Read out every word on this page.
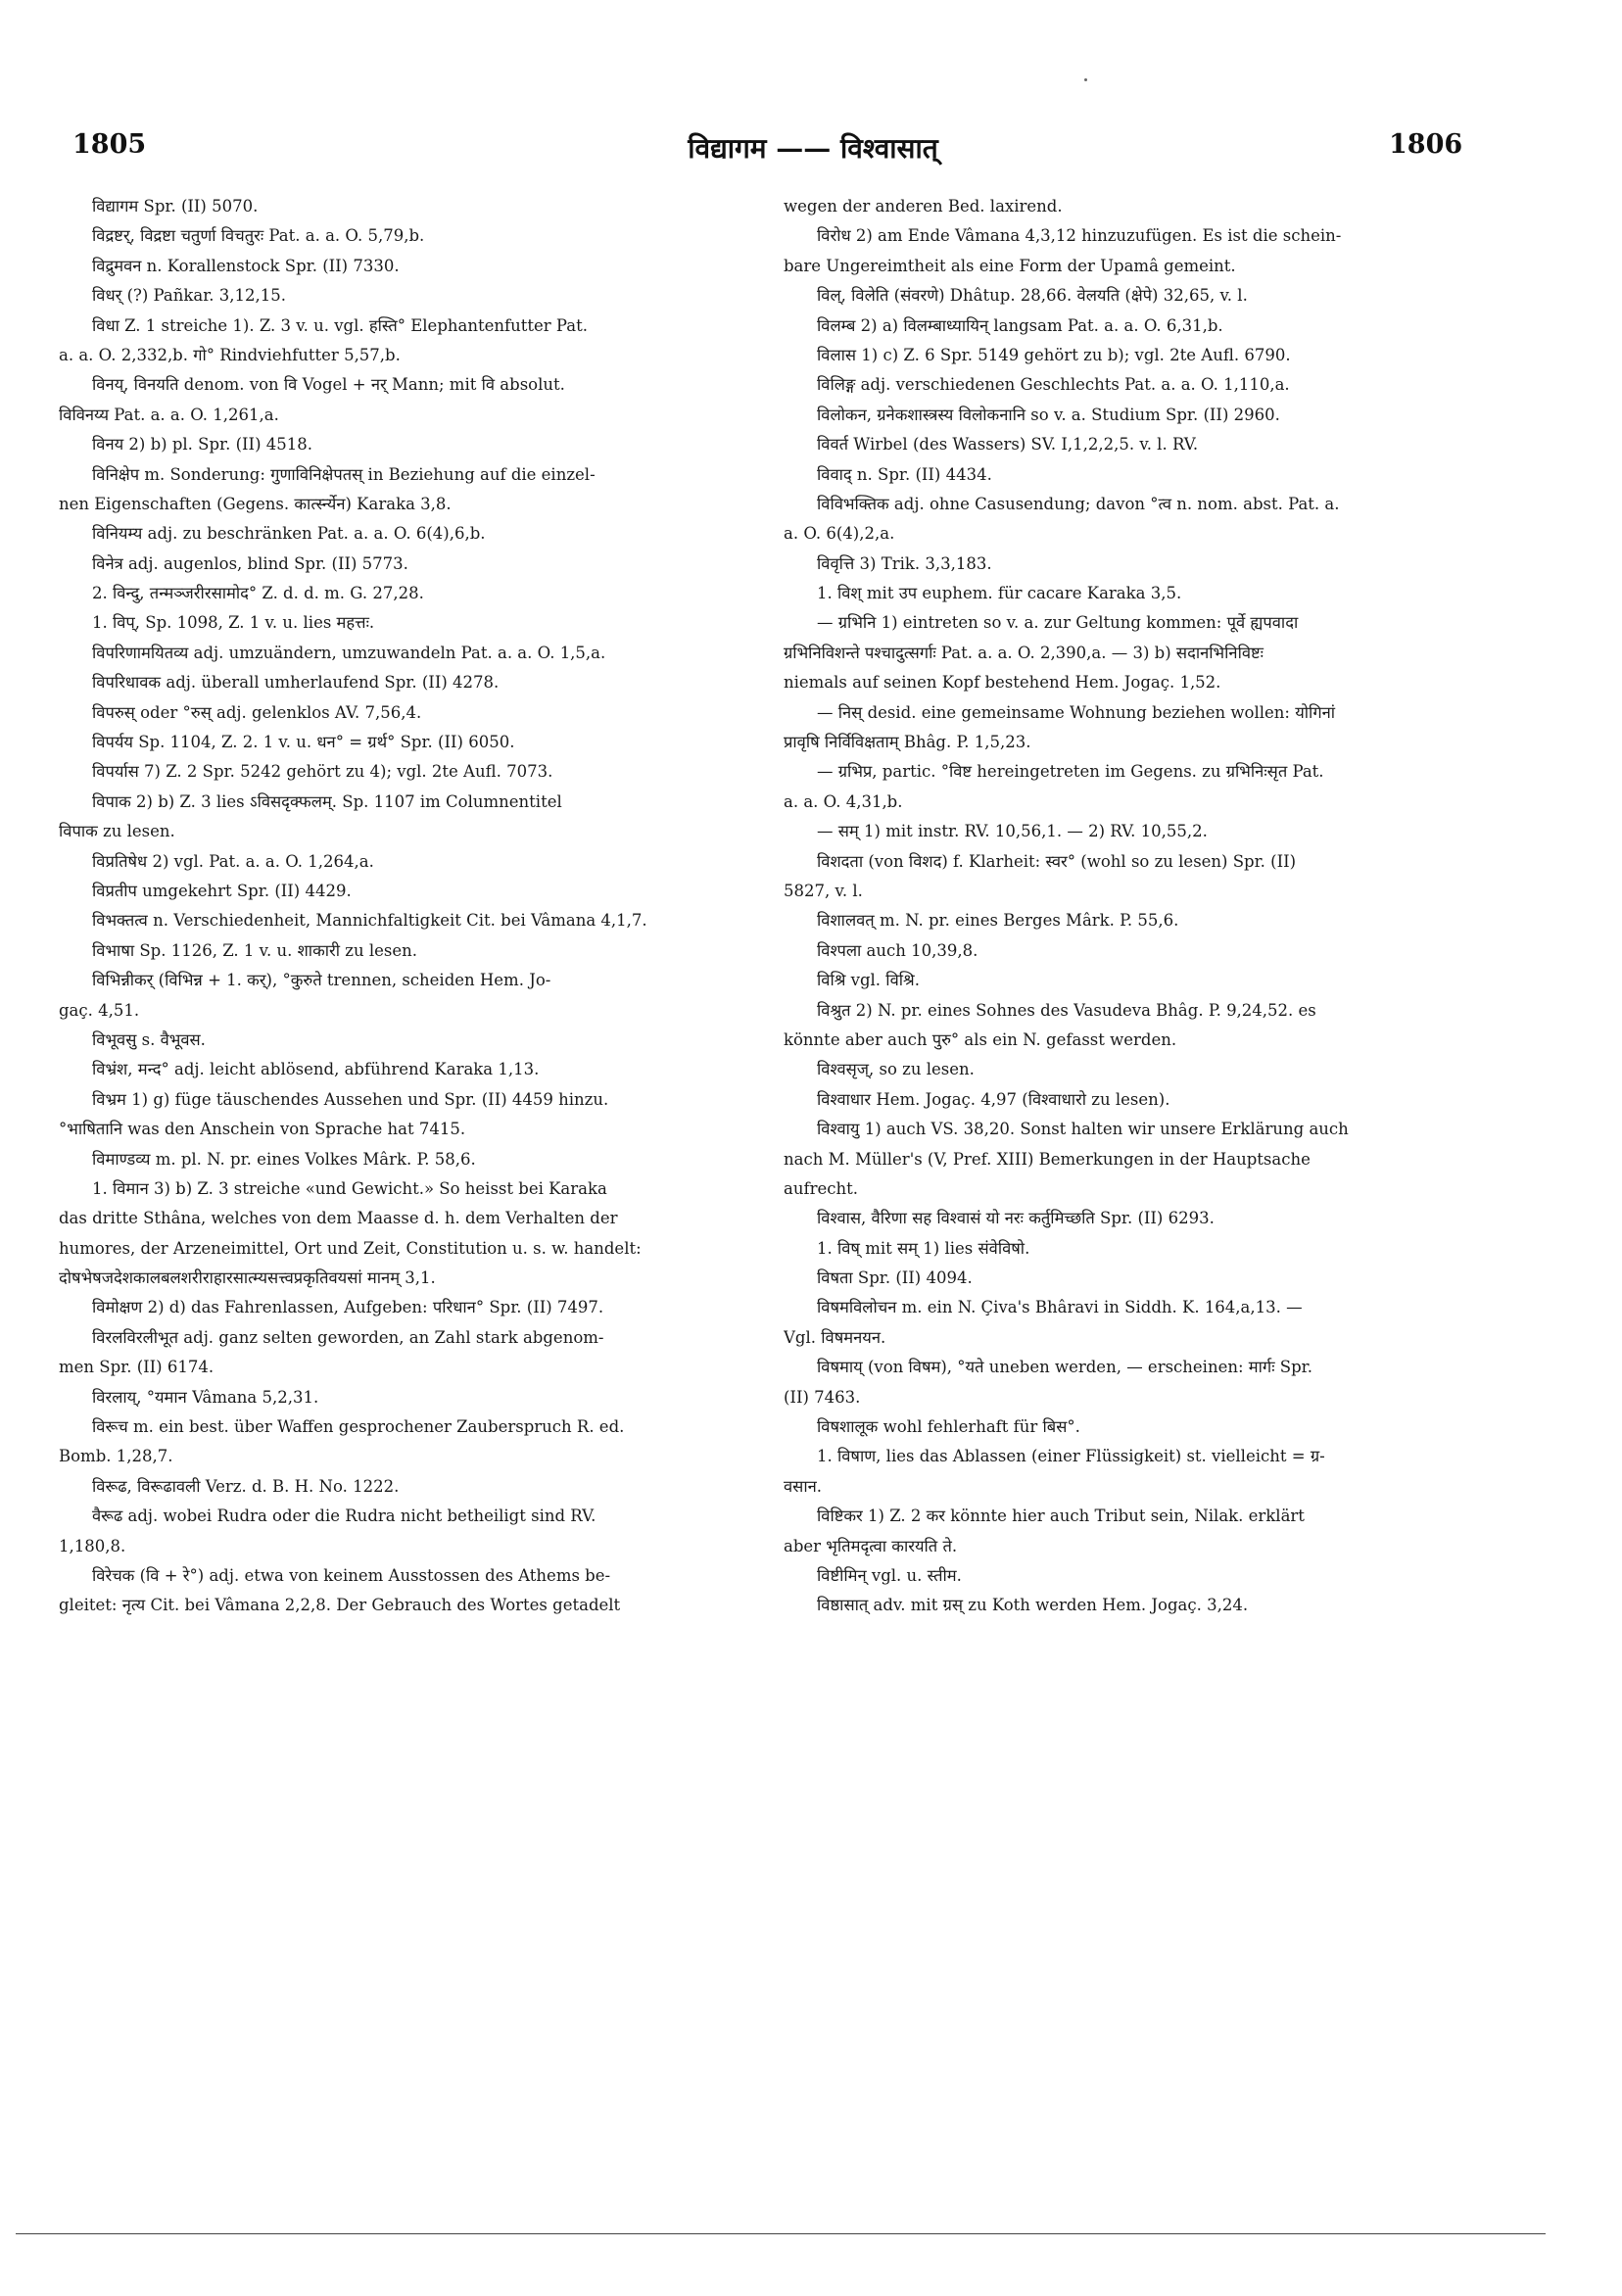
1805	विद्यागम —— विश्वासात्	1806
विद्यागम Spr. (II) 5070.
विद्रष्टर्, विद्रष्टा चतुर्णा विचतुरः Pat. a. a. O. 5,79,b.
विद्रुमवन n. Korallenstock Spr. (II) 7330.
विधर् (?) Pañkar. 3,12,15.
विधा Z. 1 streiche 1). Z. 3 v. u. vgl. हस्ति° Elephantenfutter Pat.
a. a. O. 2,332,b. गो° Rindviehfutter 5,57,b.
विनय्, विनयति denom. von वि Vogel + नर् Mann; mit वि absolut.
विविनय्य Pat. a. a. O. 1,261,a.
विनय 2) b) pl. Spr. (II) 4518.
विनिक्षेप m. Sonderung: गुणाविनिक्षेपतस् in Beziehung auf die einzel-
nen Eigenschaften (Gegens. कार्त्स्न्येन) Karaka 3,8.
विनियम्य adj. zu beschränken Pat. a. a. O. 6(4),6,b.
विनेत्र adj. augenlos, blind Spr. (II) 5773.
2. विन्दु, तन्मञ्जरीरसामोद° Z. d. d. m. G. 27,28.
1. विप्, Sp. 1098, Z. 1 v. u. lies महत्तः.
विपरिणामयितव्य adj. umzuändern, umzuwandeln Pat. a. a. O. 1,5,a.
विपरिधावक adj. überall umherlaufend Spr. (II) 4278.
विपरुस् oder °रुस् adj. gelenklos AV. 7,56,4.
विपर्यय Sp. 1104, Z. 2. 1 v. u. धन° = ग्रर्थ° Spr. (II) 6050.
विपर्यास 7) Z. 2 Spr. 5242 gehört zu 4); vgl. 2te Aufl. 7073.
विपाक 2) b) Z. 3 lies ऽविसदृक्फलम्. Sp. 1107 im Columnentitel
विपाक zu lesen.
विप्रतिषेध 2) vgl. Pat. a. a. O. 1,264,a.
विप्रतीप umgekehrt Spr. (II) 4429.
विभक्तत्व n. Verschiedenheit, Mannichfaltigkeit Cit. bei Vâmana 4,1,7.
विभाषा Sp. 1126, Z. 1 v. u. शाकारी zu lesen.
विभिन्नीकर् (विभिन्न + 1. कर्), °कुरुते trennen, scheiden Hem. Jo-
gaç. 4,51.
विभूवसु s. वैभूवस.
विभ्रंश, मन्द° adj. leicht ablösend, abführend Karaka 1,13.
विभ्रम 1) g) füge täuschendes Aussehen und Spr. (II) 4459 hinzu.
°भाषितानि was den Anschein von Sprache hat 7415.
विमाण्डव्य m. pl. N. pr. eines Volkes Mârk. P. 58,6.
1. विमान 3) b) Z. 3 streiche «und Gewicht.» So heisst bei Karaka
das dritte Sthâna, welches von dem Maasse d. h. dem Verhalten der
humores, der Arzeneimittel, Ort und Zeit, Constitution u. s. w. handelt:
दोषभेषजदेशकालबलशरीराहारसात्म्यसत्त्वप्रकृतिवयसां मानम् 3,1.
विमोक्षण 2) d) das Fahrenlassen, Aufgeben: परिधान° Spr. (II) 7497.
विरलविरलीभूत adj. ganz selten geworden, an Zahl stark abgenom-
men Spr. (II) 6174.
विरलाय्, °यमान Vâmana 5,2,31.
विरूच m. ein best. über Waffen gesprochener Zauberspruch R. ed.
Bomb. 1,28,7.
विरूढ, विरूढावली Verz. d. B. H. No. 1222.
वैरूढ adj. wobei Rudra oder die Rudra nicht betheiligt sind RV.
1,180,8.
विरेचक (वि + रे°) adj. etwa von keinem Ausstossen des Athems be-
gleitet: नृत्य Cit. bei Vâmana 2,2,8. Der Gebrauch des Wortes getadelt
wegen der anderen Bed. laxirend.
विरोध 2) am Ende Vâmana 4,3,12 hinzuzufügen. Es ist die schein-
bare Ungereimtheit als eine Form der Upamâ gemeint.
विल्, विलेति (संवरणे) Dhâtup. 28,66. वेलयति (क्षेपे) 32,65, v. l.
विलम्ब 2) a) विलम्बाध्यायिन् langsam Pat. a. a. O. 6,31,b.
विलास 1) c) Z. 6 Spr. 5149 gehört zu b); vgl. 2te Aufl. 6790.
विलिङ्ग adj. verschiedenen Geschlechts Pat. a. a. O. 1,110,a.
विलोकन, ग्रनेकशास्त्रस्य विलोकनानि so v. a. Studium Spr. (II) 2960.
विवर्त Wirbel (des Wassers) SV. I,1,2,2,5. v. l. RV.
विवाद् n. Spr. (II) 4434.
विविभक्तिक adj. ohne Casusendung; davon °त्व n. nom. abst. Pat. a.
a. O. 6(4),2,a.
विवृत्ति 3) Trik. 3,3,183.
1. विश् mit उप euphem. für cacare Karaka 3,5.
— ग्रभिनि 1) eintreten so v. a. zur Geltung kommen: पूर्वे ह्यपवादा
ग्रभिनिविशन्ते पश्चादुत्सर्गाः Pat. a. a. O. 2,390,a. — 3) b) सदानभिनिविष्टः
niemals auf seinen Kopf bestehend Hem. Jogaç. 1,52.
— निस् desid. eine gemeinsame Wohnung beziehen wollen: योगिनां
प्रावृषि निर्विविक्षताम् Bhâg. P. 1,5,23.
— ग्रभिप्र, partic. °विष्ट hereingetreten im Gegens. zu ग्रभिनिःसृत Pat.
a. a. O. 4,31,b.
— सम् 1) mit instr. RV. 10,56,1. — 2) RV. 10,55,2.
विशदता (von विशद) f. Klarheit: स्वर° (wohl so zu lesen) Spr. (II)
5827, v. l.
विशालवत् m. N. pr. eines Berges Mârk. P. 55,6.
विश्पला auch 10,39,8.
विश्रि vgl. विश्रि.
विश्रुत 2) N. pr. eines Sohnes des Vasudeva Bhâg. P. 9,24,52. es
könnte aber auch पुरु° als ein N. gefasst werden.
विश्वसृज्, so zu lesen.
विश्वाधार Hem. Jogaç. 4,97 (विश्वाधारो zu lesen).
विश्वायु 1) auch VS. 38,20. Sonst halten wir unsere Erklärung auch
nach M. Müller's (V, Pref. XIII) Bemerkungen in der Hauptsache
aufrecht.
विश्वास, वैरिणा सह विश्वासं यो नरः कर्तुमिच्छति Spr. (II) 6293.
1. विष् mit सम् 1) lies संवेविषो.
विषता Spr. (II) 4094.
विषमविलोचन m. ein N. Çiva's Bhâravi in Siddh. K. 164,a,13. —
Vgl. विषमनयन.
विषमाय् (von विषम), °यते uneben werden, — erscheinen: मार्गः Spr.
(II) 7463.
विषशालूक wohl fehlerhaft für बिस°.
1. विषाण, lies das Ablassen (einer Flüssigkeit) st. vielleicht = ग्र-
वसान.
विष्टिकर 1) Z. 2 कर könnte hier auch Tribut sein, Nilak. erklärt
aber भृतिमदृत्वा कारयति ते.
विष्टीमिन् vgl. u. स्तीम.
विष्ठासात् adv. mit ग्रस् zu Koth werden Hem. Jogaç. 3,24.
